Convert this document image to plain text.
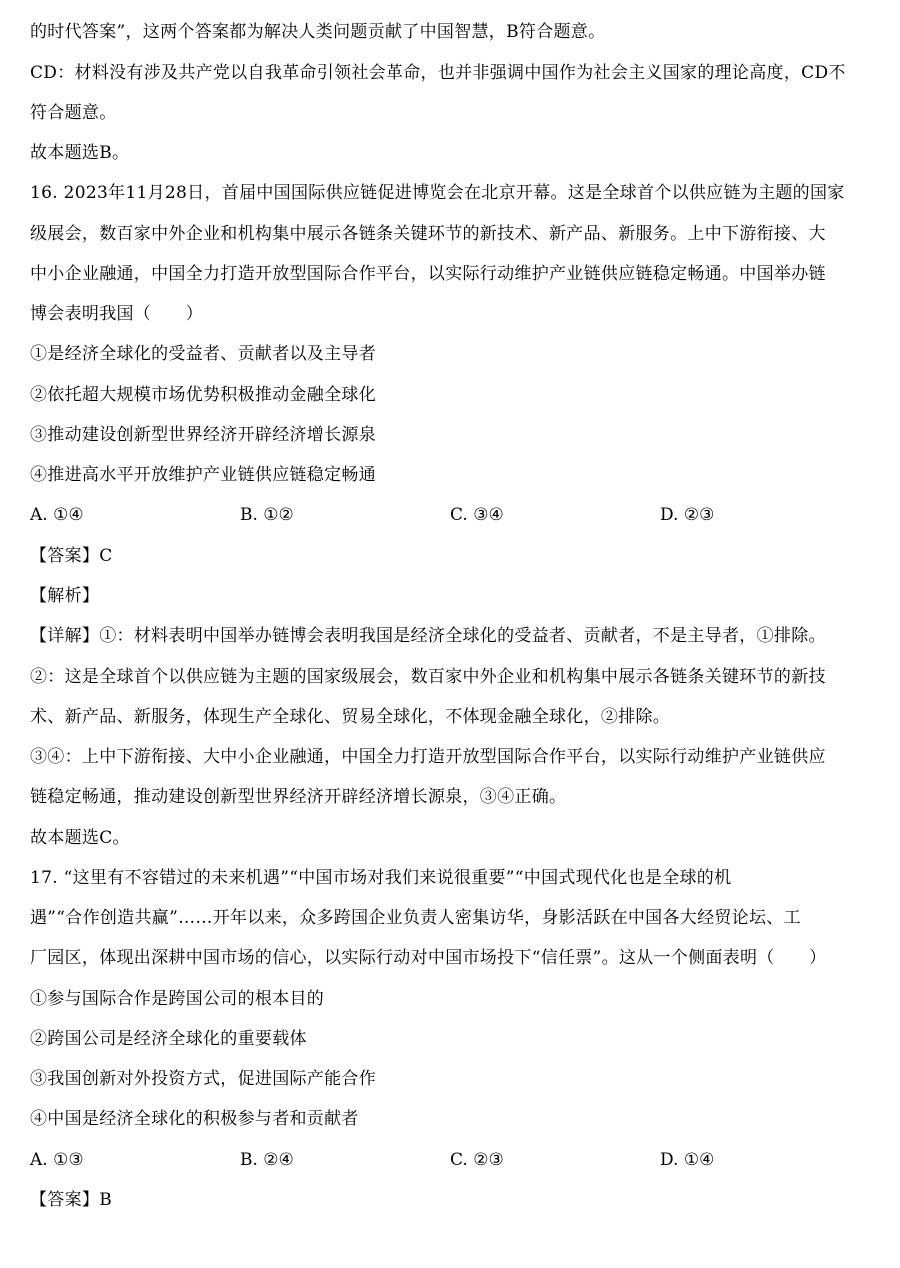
的时代答案”，这两个答案都为解决人类问题贡献了中国智慧，B符合题意。
CD：材料没有涉及共产党以自我革命引领社会革命，也并非强调中国作为社会主义国家的理论高度，CD不
符合题意。
故本题选B。
16. 2023年11月28日，首届中国国际供应链促进博览会在北京开幕。这是全球首个以供应链为主题的国家
级展会，数百家中外企业和机构集中展示各链条关键环节的新技术、新产品、新服务。上中下游衔接、大
中小企业融通，中国全力打造开放型国际合作平台，以实际行动维护产业链供应链稳定畅通。中国举办链
博会表明我国（　　）
①是经济全球化的受益者、贡献者以及主导者
②依托超大规模市场优势积极推动金融全球化
③推动建设创新型世界经济开辟经济增长源泉
④推进高水平开放维护产业链供应链稳定畅通
A. ①④	B. ①②	C. ③④	D. ②③
【答案】C
【解析】
【详解】①：材料表明中国举办链博会表明我国是经济全球化的受益者、贡献者，不是主导者，①排除。
②：这是全球首个以供应链为主题的国家级展会，数百家中外企业和机构集中展示各链条关键环节的新技
术、新产品、新服务，体现生产全球化、贸易全球化，不体现金融全球化，②排除。
③④：上中下游衔接、大中小企业融通，中国全力打造开放型国际合作平台，以实际行动维护产业链供应
链稳定畅通，推动建设创新型世界经济开辟经济增长源泉，③④正确。
故本题选C。
17. “这里有不容错过的未来机遇”“中国市场对我们来说很重要”“中国式现代化也是全球的机
遇”“合作创造共赢”……开年以来，众多跨国企业负责人密集访华，身影活跃在中国各大经贸论坛、工
厂园区，体现出深耕中国市场的信心，以实际行动对中国市场投下“信任票”。这从一个侧面表明（　　）
①参与国际合作是跨国公司的根本目的
②跨国公司是经济全球化的重要载体
③我国创新对外投资方式，促进国际产能合作
④中国是经济全球化的积极参与者和贡献者
A. ①③	B. ②④	C. ②③	D. ①④
【答案】B
